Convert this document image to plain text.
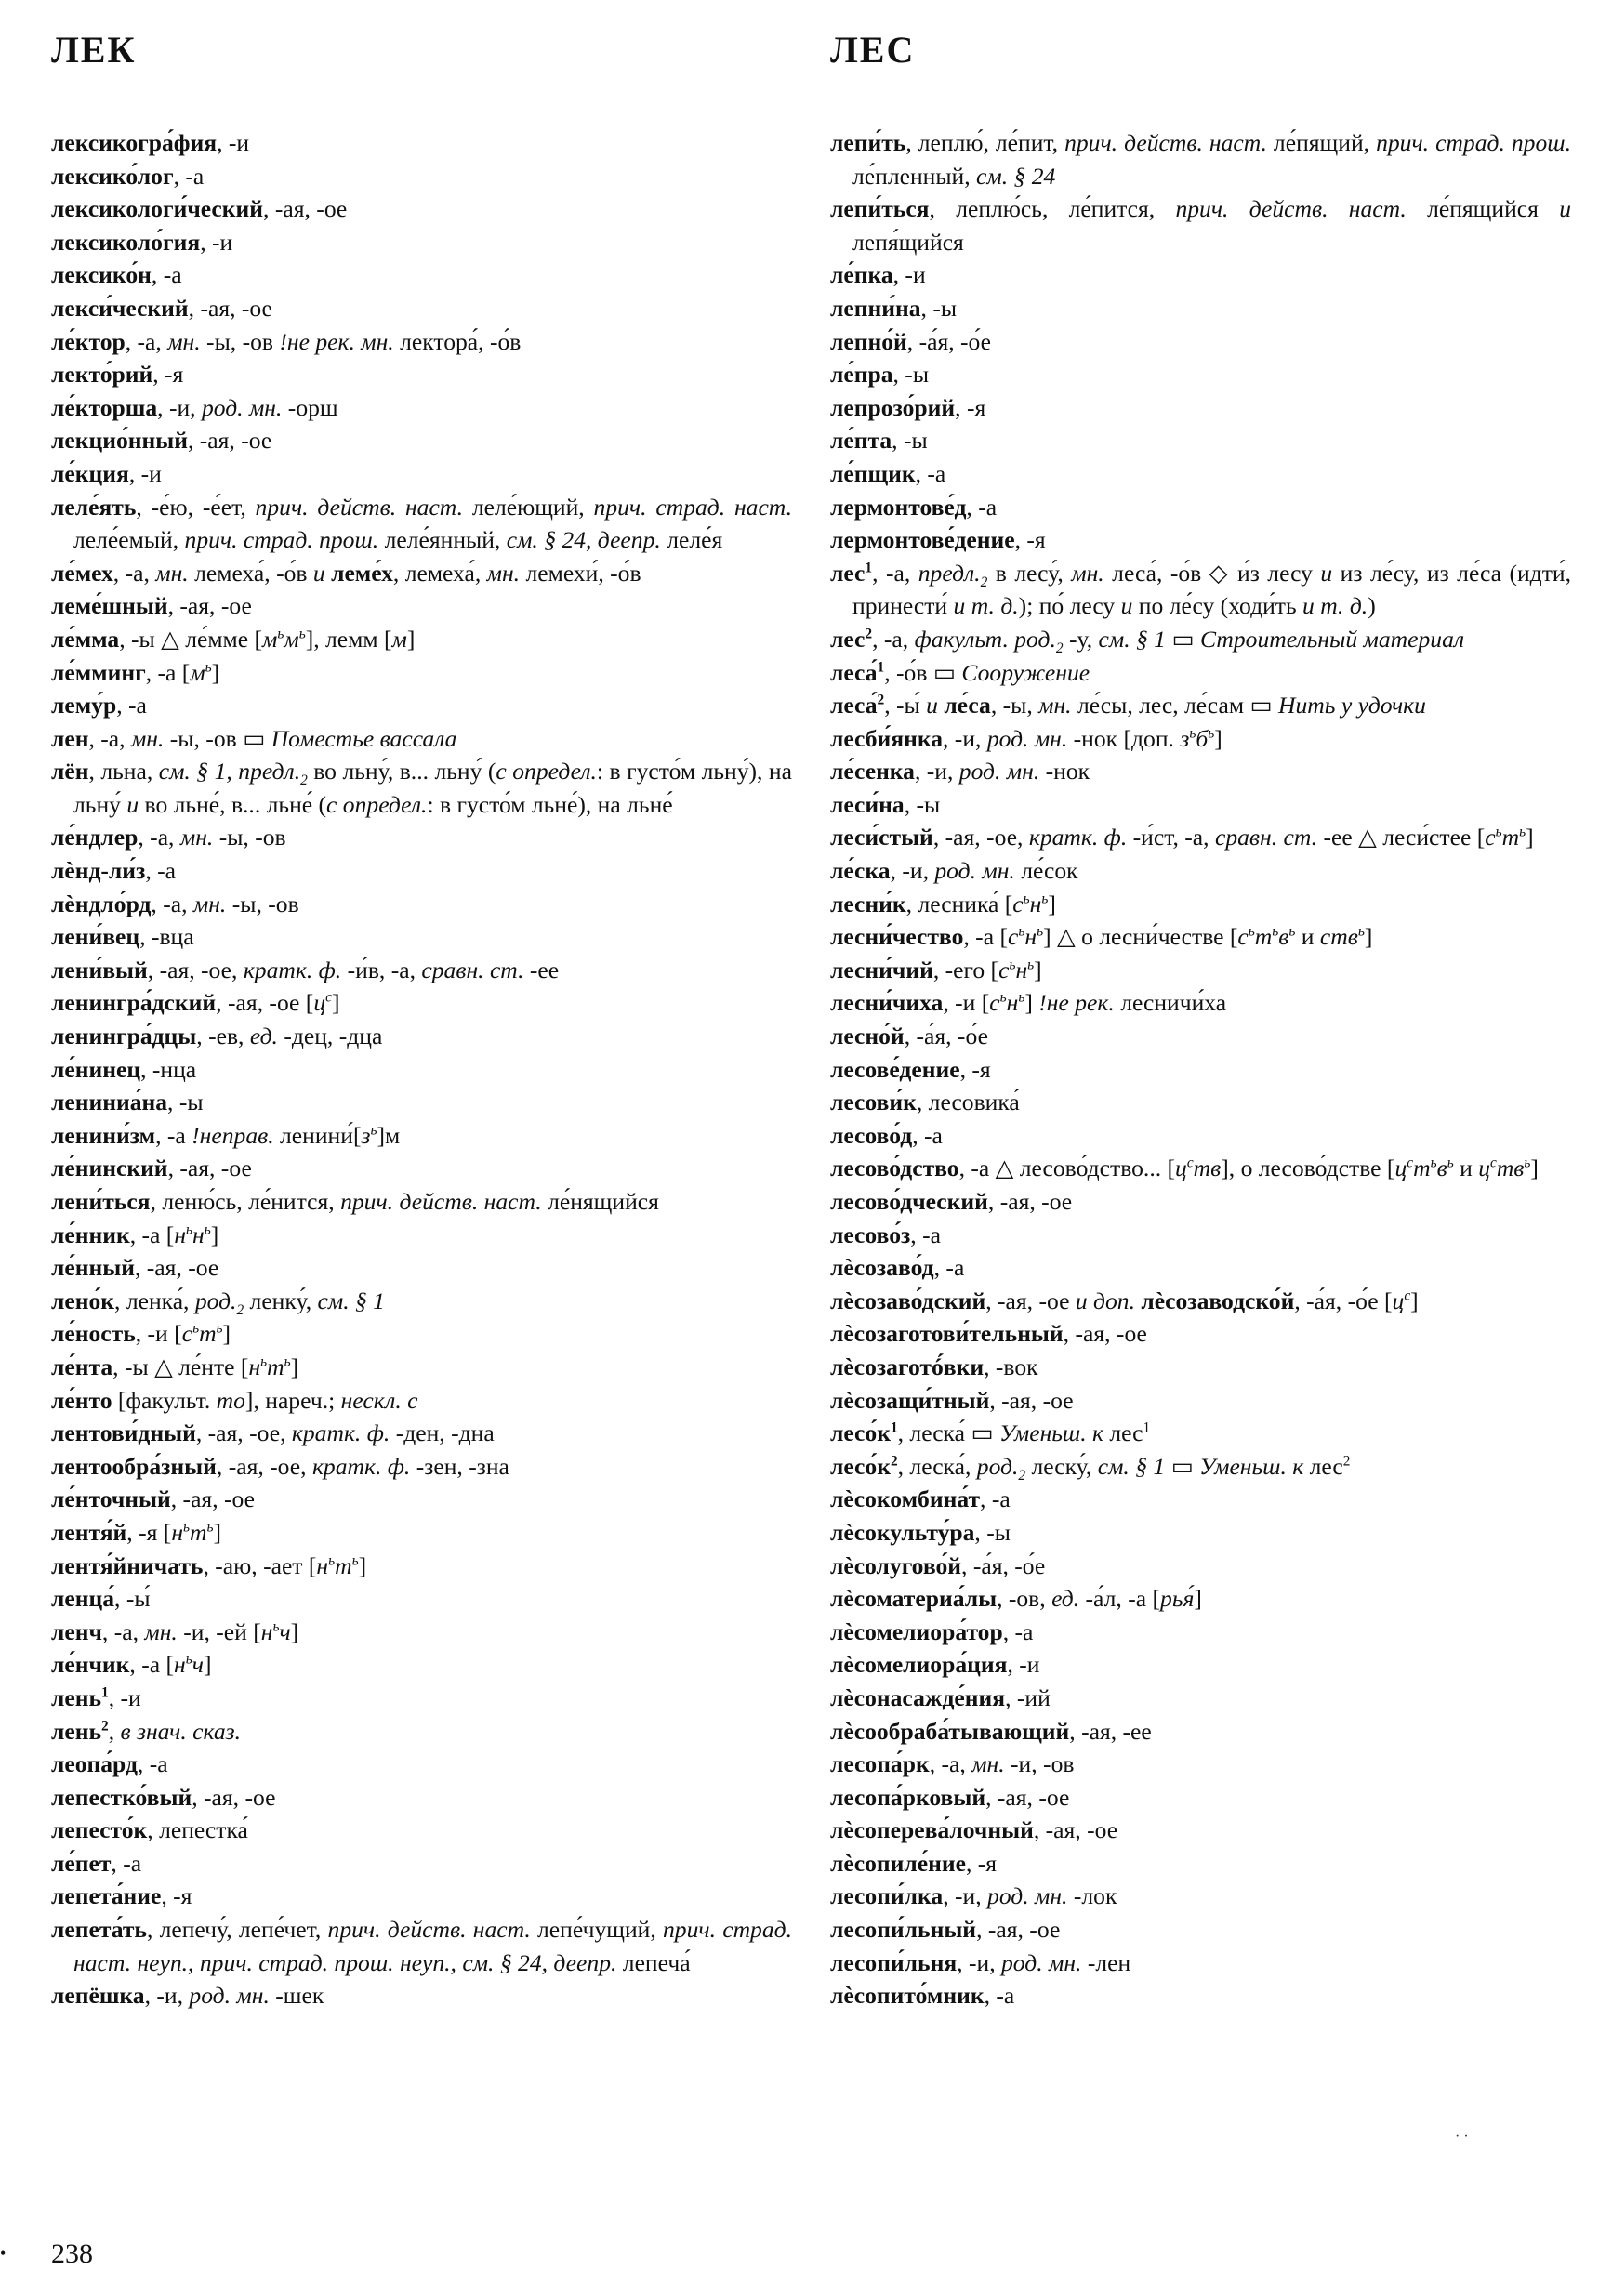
ЛЕК	ЛЕС
лексикогра́фия, -и
лексико́лог, -а
лексикологи́ческий, -ая, -ое
лексиколо́гия, -и
лексико́н, -а
лекси́ческий, -ая, -ое
ле́ктор, -а, мн. -ы, -ов !не рек. мн. лектора́, -о́в
лекто́рий, -я
ле́кторша, -и, род. мн. -орш
лекцио́нный, -ая, -ое
ле́кция, -и
леле́ять, -е́ю, -е́ет, прич. действ. наст. леле́ющий, прич. страд. наст. леле́емый, прич. страд. прош. леле́янный, см. § 24, деепр. леле́я
ле́мех, -а, мн. лемеха́, -о́в и леме́х, лемеха́, мн. лемехи́, -о́в
леме́шный, -ая, -ое
ле́мма, -ы △ ле́мме $[м^ьм^ь]$, лемм [м]
ле́мминг, -а $[м^ь]$
лему́р, -а
лен, -а, мн. -ы, -ов ▭ Поместье вассала
лён, льна, см. § 1, $предл._2$ во льну́, в... льну́ (с определ.: в густо́м льну́), на льну́ и во льне́, в... льне́ (с определ.: в густо́м льне́), на льне́
ле́ндлер, -а, мн. -ы, -ов
лѐнд-ли́з, -а
лѐндло́рд, -а, мн. -ы, -ов
лени́вец, -вца
лени́вый, -ая, -ое, кратк. ф. -и́в, -а, сравн. ст. -ее
ленингра́дский, -ая, -ое $[ц^с]$
ленингра́дцы, -ев, ед. -дец, -дца
ле́нинец, -нца
лениниа́на, -ы
ленини́зм, -а !неправ. $ленини́[з^ь]м$
ле́нинский, -ая, -ое
лени́ться, леню́сь, ле́нится, прич. действ. наст. ле́нящийся
ле́нник, -а $[н^ьн^ь]$
ле́нный, -ая, -ое
лено́к, ленка́, $род._2$ ленку́, см. § 1
ле́ность, -и $[с^ьт^ь]$
ле́нта, -ы △ ле́нте $[н^ьт^ь]$
ле́нто [факульт. то], нареч.; нескл. с
лентови́дный, -ая, -ое, кратк. ф. -ден, -дна
лентообра́зный, -ая, -ое, кратк. ф. -зен, -зна
ле́нточный, -ая, -ое
лентя́й, -я $[н^ьт^ь]$
лентя́йничать, -аю, -ает $[н^ьт^ь]$
ленца́, -ы́
ленч, -а, мн. -и, -ей $[н^ьч]$
ле́нчик, -а $[н^ьч]$
лень$^1$, -и
лень$^2$, в знач. сказ.
леопа́рд, -а
лепестко́вый, -ая, -ое
лепесто́к, лепестка́
ле́пет, -а
лепета́ние, -я
лепета́ть, лепечу́, лепе́чет, прич. действ. наст. лепе́чущий, прич. страд. наст. неуп., прич. страд. прош. неуп., см. § 24, деепр. лепеча́
лепёшка, -и, род. мн. -шек
лепи́ть, леплю́, ле́пит, прич. действ. наст. ле́пящий, прич. страд. прош. ле́пленный, см. § 24
лепи́ться, леплю́сь, ле́пится, прич. действ. наст. ле́пящийся и лепя́щийся
ле́пка, -и
лепни́на, -ы
лепно́й, -а́я, -о́е
ле́пра, -ы
лепрозо́рий, -я
ле́пта, -ы
ле́пщик, -а
лермонтове́д, -а
лермонтове́дение, -я
лес$^1$, -а, $предл._2$ в лесу́, мн. леса́, -о́в ◇ и́з лесу и из ле́су, из ле́са (идти́, принести́ и т. д.); по́ лесу и по ле́су (ходи́ть и т. д.)
лес$^2$, -а, факульт. $род._2$ -у, см. § 1 ▭ Строительный материал
леса́$^1$, -о́в ▭ Сооружение
леса́$^2$, -ы́ и ле́са, -ы, мн. ле́сы, лес, ле́сам ▭ Нить у удочки
лесби́янка, -и, род. мн. -нок [доп. $з^ьб^ь$]
ле́сенка, -и, род. мн. -нок
леси́на, -ы
леси́стый, -ая, -ое, кратк. ф. -и́ст, -а, сравн. ст. -ее △ леси́стее $[с^ьт^ь]$
ле́ска, -и, род. мн. ле́сок
лесни́к, лесника́ $[с^ьн^ь]$
лесни́чество, -а $[с^ьн^ь]$ △ о лесни́честве [$с^ьт^ьв^ь$ и ств$^ь$]
лесни́чий, -его $[с^ьн^ь]$
лесни́чиха, -и $[с^ьн^ь]$ !не рек. лесничи́ха
лесно́й, -а́я, -о́е
лесове́дение, -я
лесови́к, лесовика́
лесово́д, -а
лесово́дство, -а △ лесово́дство... $[ц^ств]$, о лесово́дстве [$ц^ст^ьв^ь$ и $ц^ств^ь$]
лесово́дческий, -ая, -ое
лесово́з, -а
лѐсозаво́д, -а
лѐсозаво́дский, -ая, -ое и доп. лѐсозаводско́й, -а́я, -о́е $[ц^с]$
лѐсозаготови́тельный, -ая, -ое
лѐсозаготó́вки, -вок
лѐсозащи́тный, -ая, -ое
$лесо́к^1$, леска́ ▭ Уменьш. к лес$^1$
$лесо́к^2$, леска́, $род._2$ леску́, см. § 1 ▭ Уменьш. к лес$^2$
лѐсокомбина́т, -а
лѐсокульту́ра, -ы
лѐсолугово́й, -а́я, -о́е
лѐсоматериа́лы, -ов, ед. -а́л, -а [рья́]
лѐсомелиора́тор, -а
лѐсомелиора́ция, -и
лѐсонасажде́ния, -ий
лѐсообраба́тывающий, -ая, -ее
лесопа́рк, -а, мн. -и, -ов
лесопа́рковый, -ая, -ое
лѐсоперева́лочный, -ая, -ое
лѐсопиле́ние, -я
лесопи́лка, -и, род. мн. -лок
лесопи́льный, -ая, -ое
лесопи́льня, -и, род. мн. -лен
лѐсопито́мник, -а
• 238
· ·
